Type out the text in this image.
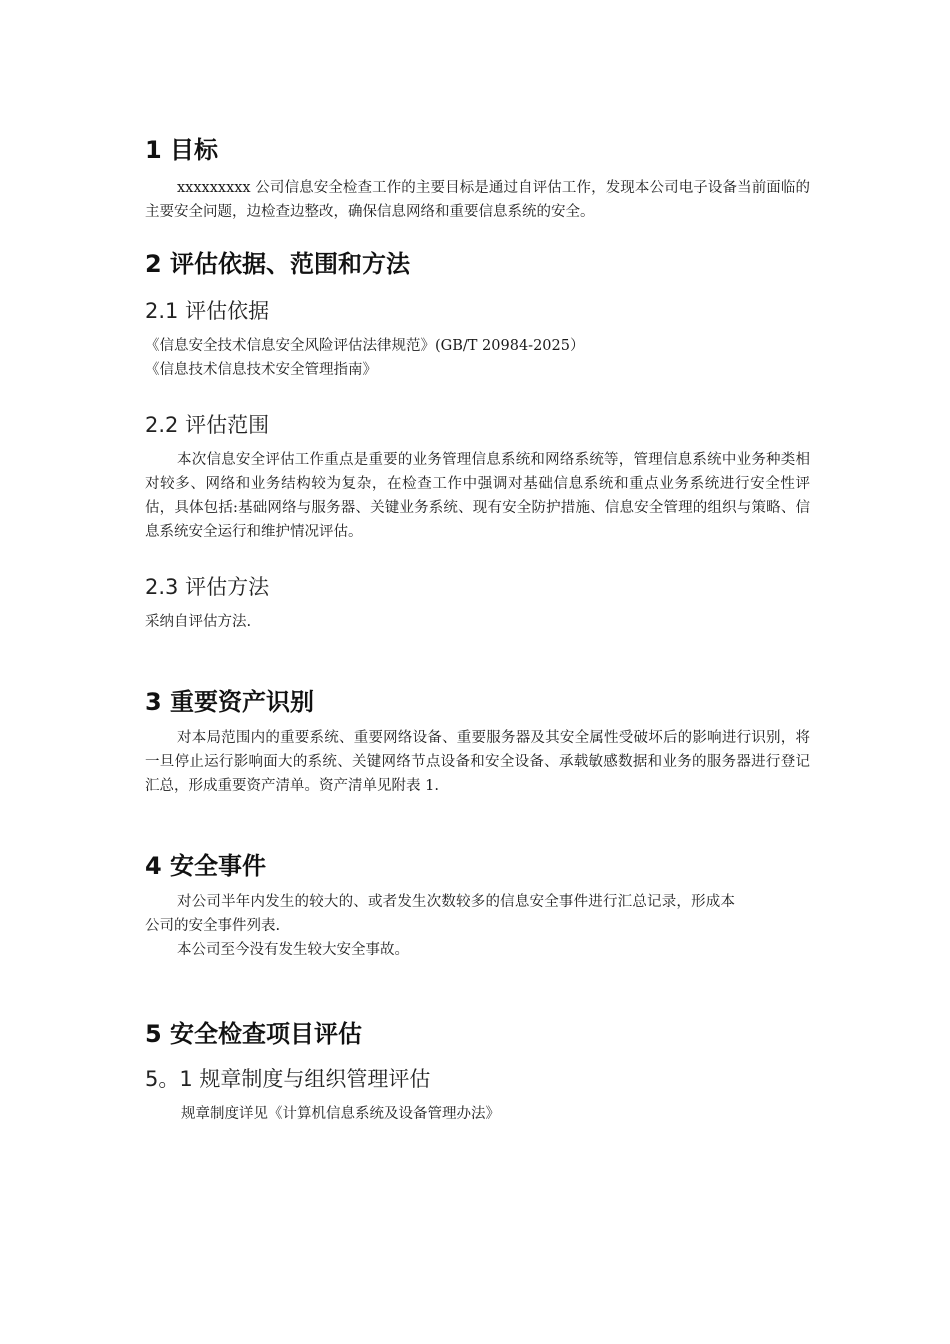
1 目标

xxxxxxxxx 公司信息安全检查工作的主要目标是通过自评估工作，发现本公司电子设备当前面临的主要安全问题，边检查边整改，确保信息网络和重要信息系统的安全。

2 评估依据、范围和方法
2.1 评估依据

《信息安全技术信息安全风险评估法律规范》(GB/T 20984-2025）

《信息技术信息技术安全管理指南》

2.2 评估范围

本次信息安全评估工作重点是重要的业务管理信息系统和网络系统等，管理信息系统中业务种类相对较多、网络和业务结构较为复杂，在检查工作中强调对基础信息系统和重点业务系统进行安全性评估，具体包括:基础网络与服务器、关键业务系统、现有安全防护措施、信息安全管理的组织与策略、信息系统安全运行和维护情况评估。

2.3 评估方法

采纳自评估方法.

3 重要资产识别

对本局范围内的重要系统、重要网络设备、重要服务器及其安全属性受破坏后的影响进行识别，将一旦停止运行影响面大的系统、关键网络节点设备和安全设备、承载敏感数据和业务的服务器进行登记汇总，形成重要资产清单。资产清单见附表 1.

4 安全事件

对公司半年内发生的较大的、或者发生次数较多的信息安全事件进行汇总记录，形成本公司的安全事件列表.

本公司至今没有发生较大安全事故。

5 安全检查项目评估
5。1 规章制度与组织管理评估

规章制度详见《计算机信息系统及设备管理办法》
